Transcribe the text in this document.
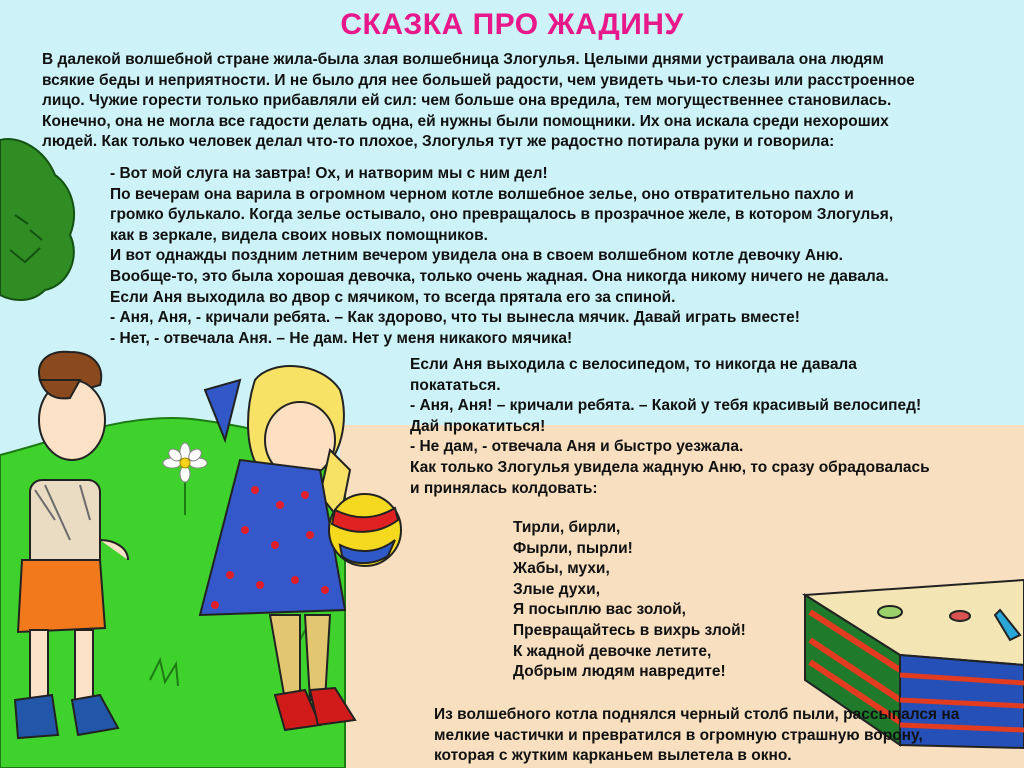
СКАЗКА ПРО ЖАДИНУ
В далекой волшебной стране жила-была злая волшебница Злогулья. Целыми днями устраивала она людям
всякие беды и неприятности. И не было для нее большей радости, чем увидеть чьи-то слезы или расстроенное
лицо. Чужие горести только прибавляли ей сил: чем больше она вредила, тем могущественнее становилась.
Конечно, она не могла все гадости делать одна, ей нужны были помощники. Их она искала среди нехороших
людей. Как только человек делал что-то плохое, Злогулья тут же радостно потирала руки и говорила:
- Вот мой слуга на завтра! Ох, и натворим мы с ним дел!
По вечерам она варила в огромном черном котле волшебное зелье, оно отвратительно пахло и
громко булькало. Когда зелье остывало, оно превращалось в прозрачное желе, в котором Злогулья,
как в зеркале, видела своих новых помощников.
И вот однажды поздним летним вечером увидела она в своем волшебном котле девочку Аню.
Вообще-то, это была хорошая девочка, только очень жадная. Она никогда никому ничего не давала.
Если Аня выходила во двор с мячиком, то всегда прятала его за спиной.
- Аня, Аня, - кричали ребята. – Как здорово, что ты вынесла мячик. Давай играть вместе!
- Нет, - отвечала Аня. – Не дам. Нет у меня никакого мячика!
Если Аня выходила с велосипедом, то никогда не давала
покататься.
- Аня, Аня! – кричали ребята. – Какой у тебя красивый велосипед!
Дай прокатиться!
- Не дам, - отвечала Аня и быстро уезжала.
Как только Злогулья увидела жадную Аню, то сразу обрадовалась
и принялась колдовать:
Тирли, бирли,
Фырли, пырли!
Жабы, мухи,
Злые духи,
Я посыплю вас золой,
Превращайтесь в вихрь злой!
К жадной девочке летите,
Добрым людям навредите!
Из волшебного котла поднялся черный столб пыли, рассыпался на
мелкие частички и превратился в огромную страшную ворону,
которая с жутким карканьем вылетела в окно.
